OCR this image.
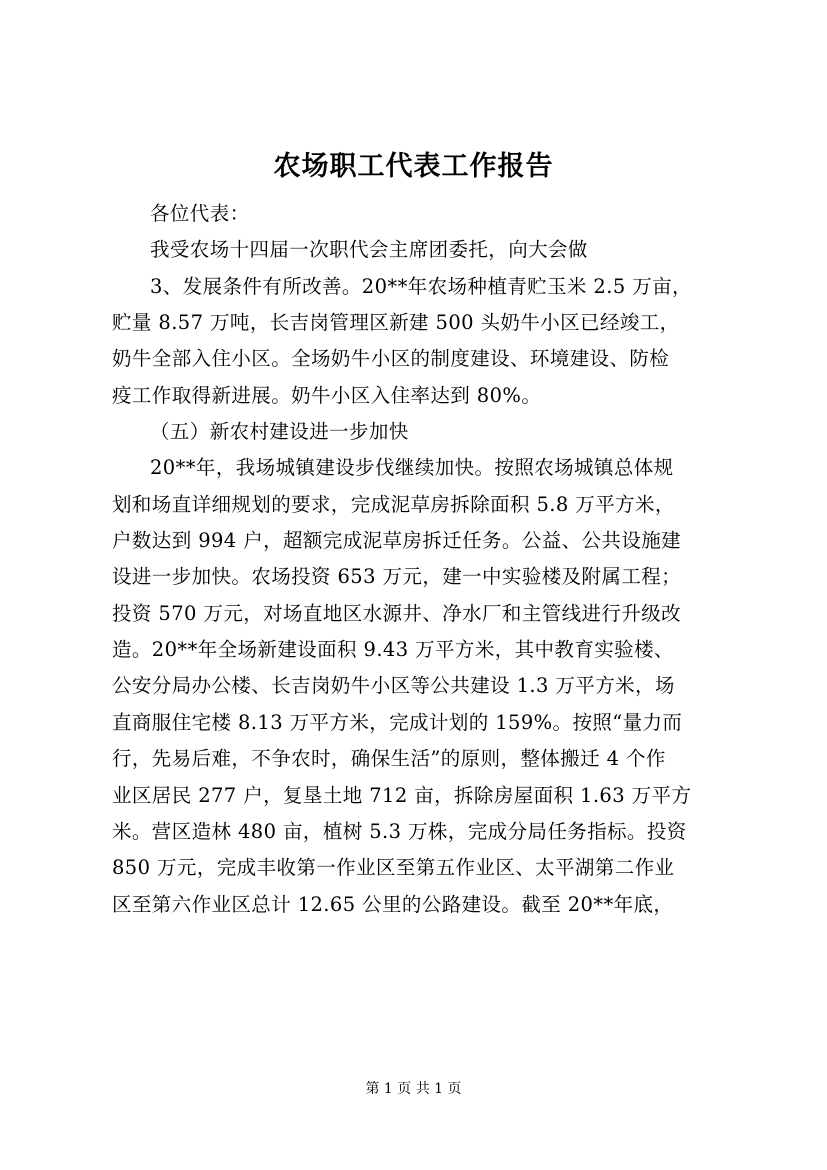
农场职工代表工作报告
各位代表：
我受农场十四届一次职代会主席团委托，向大会做
3、发展条件有所改善。20**年农场种植青贮玉米 2.5 万亩，
贮量 8.57 万吨，长吉岗管理区新建 500 头奶牛小区已经竣工，
奶牛全部入住小区。全场奶牛小区的制度建设、环境建设、防检
疫工作取得新进展。奶牛小区入住率达到 80%。
（五）新农村建设进一步加快
20**年，我场城镇建设步伐继续加快。按照农场城镇总体规
划和场直详细规划的要求，完成泥草房拆除面积 5.8 万平方米，
户数达到 994 户，超额完成泥草房拆迁任务。公益、公共设施建
设进一步加快。农场投资 653 万元，建一中实验楼及附属工程；
投资 570 万元，对场直地区水源井、净水厂和主管线进行升级改
造。20**年全场新建设面积 9.43 万平方米，其中教育实验楼、
公安分局办公楼、长吉岗奶牛小区等公共建设 1.3 万平方米，场
直商服住宅楼 8.13 万平方米，完成计划的 159%。按照“量力而
行，先易后难，不争农时，确保生活”的原则，整体搬迁 4 个作
业区居民 277 户，复垦土地 712 亩，拆除房屋面积 1.63 万平方
米。营区造林 480 亩，植树 5.3 万株，完成分局任务指标。投资
850 万元，完成丰收第一作业区至第五作业区、太平湖第二作业
区至第六作业区总计 12.65 公里的公路建设。截至 20**年底，
第 1 页 共 1 页
